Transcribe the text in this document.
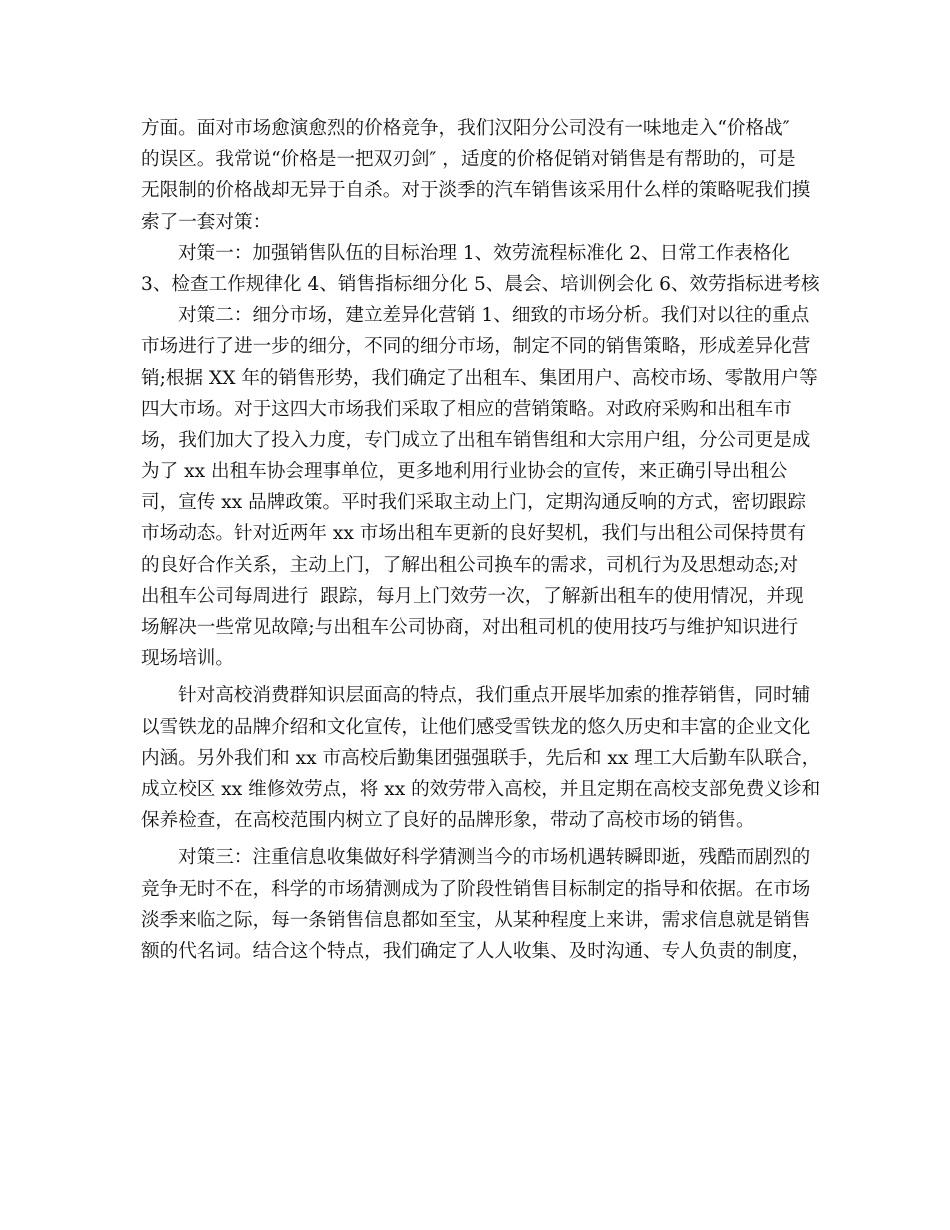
方面。面对市场愈演愈烈的价格竞争，我们汉阳分公司没有一味地走入“价格战″
的误区。我常说“价格是一把双刃剑″ ，适度的价格促销对销售是有帮助的，可是
无限制的价格战却无异于自杀。对于淡季的汽车销售该采用什么样的策略呢我们摸
索了一套对策：
对策一：加强销售队伍的目标治理 1、效劳流程标准化 2、日常工作表格化
3、检查工作规律化 4、销售指标细分化 5、晨会、培训例会化 6、效劳指标进考核
对策二：细分市场，建立差异化营销 1、细致的市场分析。我们对以往的重点
市场进行了进一步的细分，不同的细分市场，制定不同的销售策略，形成差异化营
销;根据 XX 年的销售形势，我们确定了出租车、集团用户、高校市场、零散用户等
四大市场。对于这四大市场我们采取了相应的营销策略。对政府采购和出租车市
场，我们加大了投入力度，专门成立了出租车销售组和大宗用户组，分公司更是成
为了 xx 出租车协会理事单位，更多地利用行业协会的宣传，来正确引导出租公
司，宣传 xx 品牌政策。平时我们采取主动上门，定期沟通反响的方式，密切跟踪
市场动态。针对近两年 xx 市场出租车更新的良好契机，我们与出租公司保持贯有
的良好合作关系，主动上门，了解出租公司换车的需求，司机行为及思想动态;对
出租车公司每周进行  跟踪，每月上门效劳一次，了解新出租车的使用情况，并现
场解决一些常见故障;与出租车公司协商，对出租司机的使用技巧与维护知识进行
现场培训。
针对高校消费群知识层面高的特点，我们重点开展毕加索的推荐销售，同时辅
以雪铁龙的品牌介绍和文化宣传，让他们感受雪铁龙的悠久历史和丰富的企业文化
内涵。另外我们和 xx 市高校后勤集团强强联手，先后和 xx 理工大后勤车队联合，
成立校区 xx 维修效劳点，将 xx 的效劳带入高校，并且定期在高校支部免费义诊和
保养检查，在高校范围内树立了良好的品牌形象，带动了高校市场的销售。
对策三：注重信息收集做好科学猜测当今的市场机遇转瞬即逝，残酷而剧烈的
竞争无时不在，科学的市场猜测成为了阶段性销售目标制定的指导和依据。在市场
淡季来临之际，每一条销售信息都如至宝，从某种程度上来讲，需求信息就是销售
额的代名词。结合这个特点，我们确定了人人收集、及时沟通、专人负责的制度，
